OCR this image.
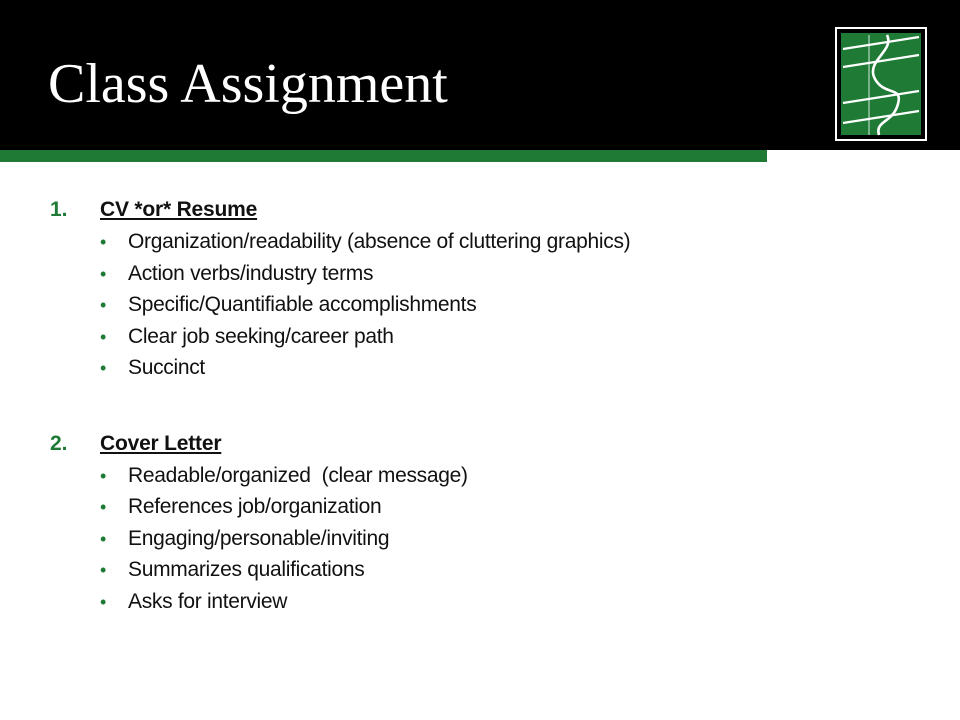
Class Assignment
1.	CV *or* Resume
•	Organization/readability (absence of cluttering graphics)
•	Action verbs/industry terms
•	Specific/Quantifiable accomplishments
•	Clear job seeking/career path
•	Succinct
2.	Cover Letter
•	Readable/organized  (clear message)
•	References job/organization
•	Engaging/personable/inviting
•	Summarizes qualifications
•	Asks for interview
